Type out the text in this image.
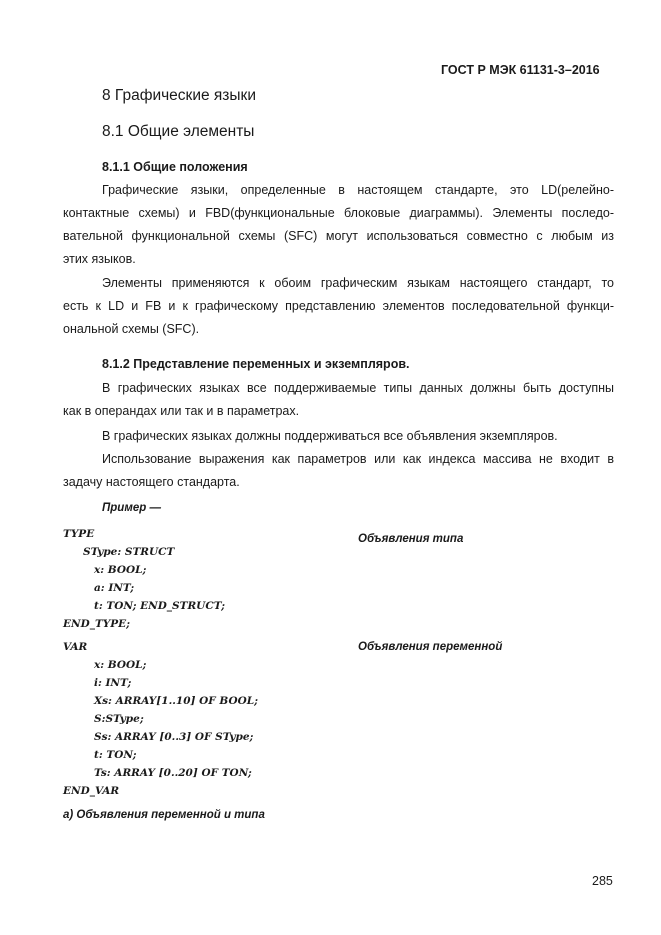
ГОСТ Р МЭК 61131-3–2016
8 Графические языки
8.1 Общие элементы
8.1.1 Общие положения
Графические языки, определенные в настоящем стандарте, это LD(релейно-
контактные схемы) и FBD(функциональные блоковые диаграммы). Элементы последо-
вательной функциональной схемы (SFC) могут использоваться совместно с любым из
этих языков.
Элементы применяются к обоим графическим языкам настоящего стандарт, то
есть к LD и FB и к графическому представлению элементов последовательной функци-
ональной схемы (SFC).
8.1.2 Представление переменных и экземпляров.
В графических языках все поддерживаемые типы данных должны быть доступны
как в операндах или так и в параметрах.
В графических языках должны поддерживаться все объявления экземпляров.
Использование выражения как параметров или как индекса массива не входит в
задачу настоящего стандарта.
Пример —
TYPE
SType: STRUCT
x: BOOL;
a: INT;
t: TON; END_STRUCT;
END_TYPE;
Объявления типа
VAR
x: BOOL;
i: INT;
Xs: ARRAY[1..10] OF BOOL;
S:SType;
Ss: ARRAY [0..3] OF SType;
t: TON;
Ts: ARRAY [0..20] OF TON;
END_VAR
Объявления переменной
а) Объявления переменной и типа
285
